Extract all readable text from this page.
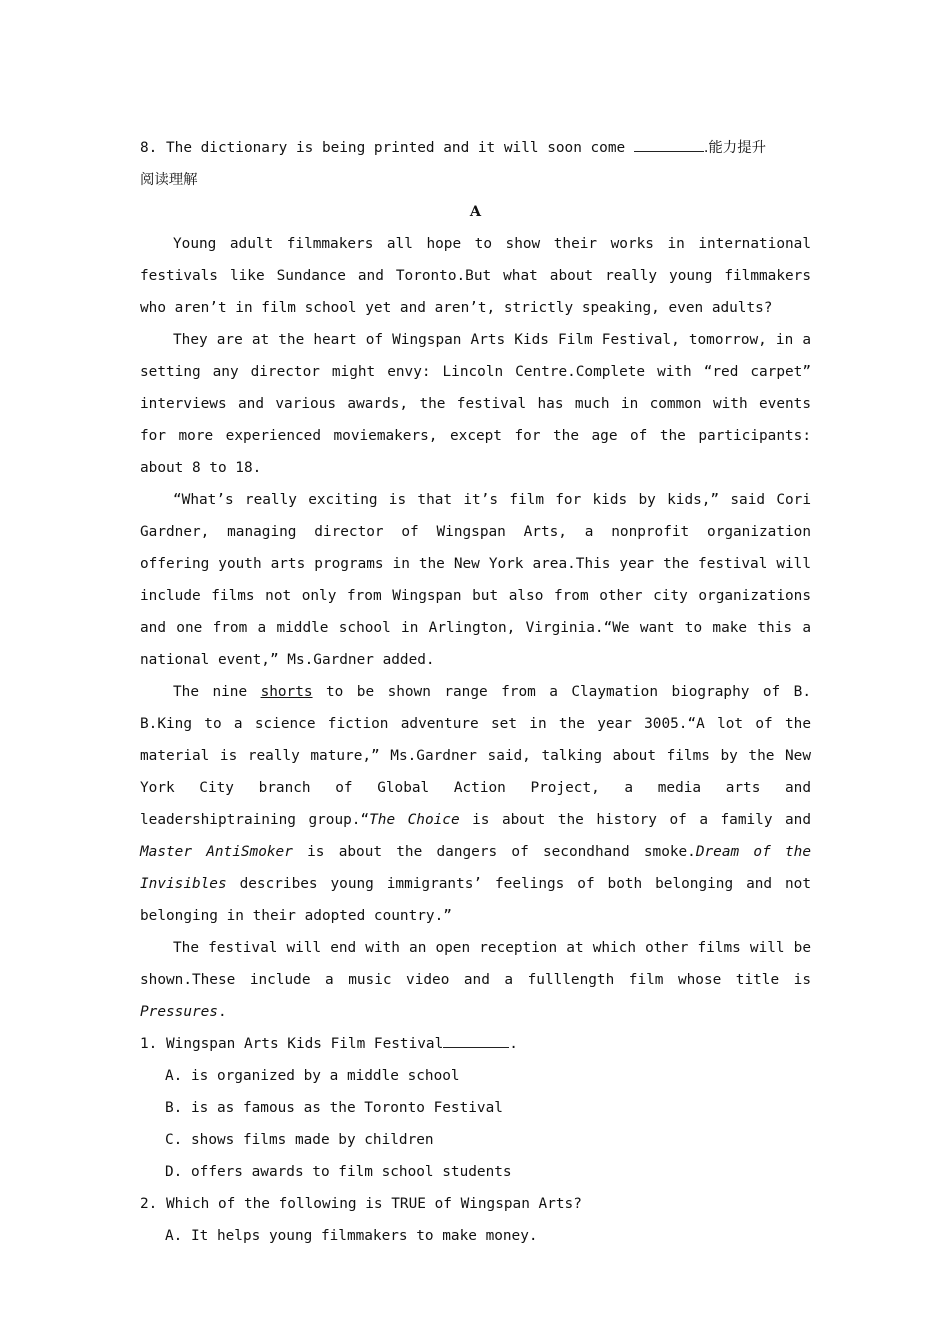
8. The dictionary is being printed and it will soon come	.能力提升

阅读理解

A

Young adult filmmakers all hope to show their works in international festivals like Sundance and Toronto.But what about really young filmmakers who aren’t in film school yet and aren’t, strictly speaking, even adults?

They are at the heart of Wingspan Arts Kids Film Festival, tomorrow, in a setting any director might envy: Lincoln Centre.Complete with “red carpet” interviews and various awards, the festival has much in common with events for more experienced moviemakers, except for the age of the participants: about 8 to 18.

“What’s really exciting is that it’s film for kids by kids,” said Cori Gardner, managing director of Wingspan Arts, a nonprofit organization offering youth arts programs in the New York area.This year the festival will include films not only from Wingspan but also from other city organizations and one from a middle school in Arlington, Virginia.“We want to make this a national event,” Ms.Gardner added.

The nine shorts to be shown range from a Claymation biography of B. B.King to a science fiction adventure set in the year 3005.“A lot of the material is really mature,” Ms.Gardner said, talking about films by the New York City branch of Global Action Project, a media arts and leadershiptraining group.“The Choice is about the history of a family and Master AntiSmoker is about the dangers of secondhand smoke.Dream of the Invisibles describes young immigrants’ feelings of both belonging and not belonging in their adopted country.”

The festival will end with an open reception at which other films will be shown.These include a music video and a fulllength film whose title is Pressures.

1. Wingspan Arts Kids Film Festival	.

A. is organized by a middle school

B. is as famous as the Toronto Festival

C. shows films made by children

D. offers awards to film school students

2. Which of the following is TRUE of Wingspan Arts?

A. It helps young filmmakers to make money.
